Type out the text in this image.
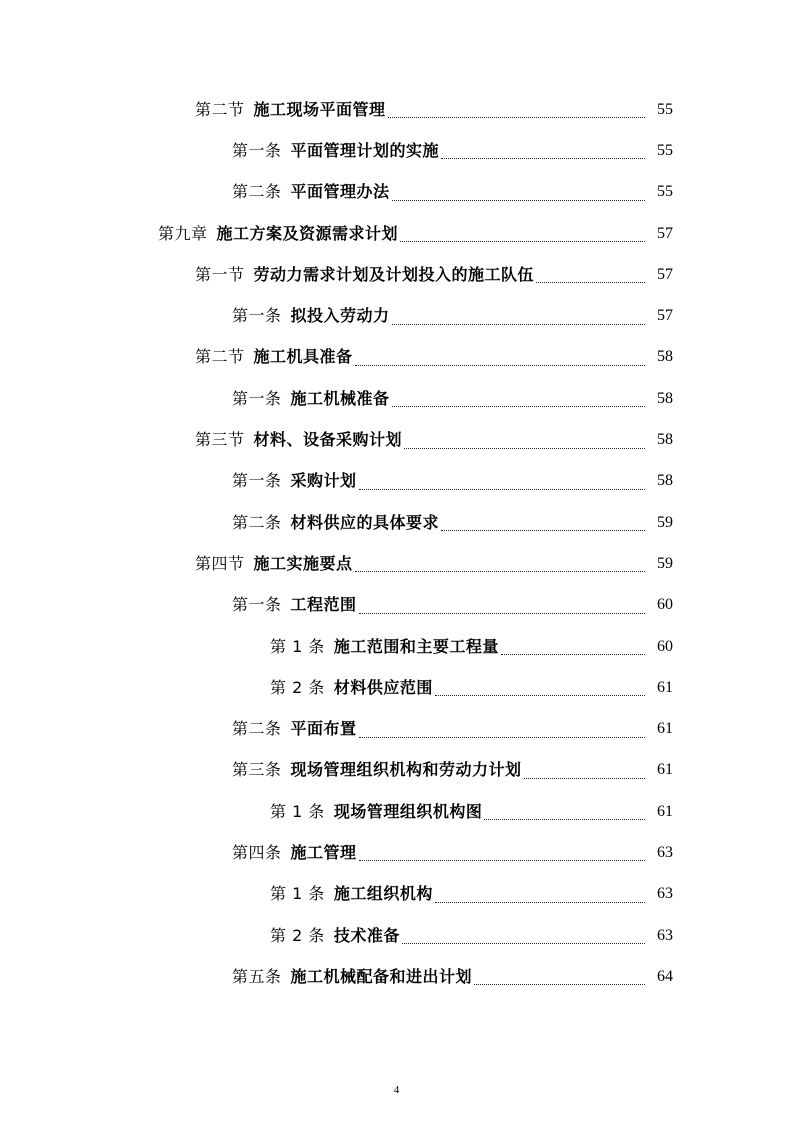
第二节 施工现场平面管理	55
第一条 平面管理计划的实施	55
第二条 平面管理办法	55
第九章 施工方案及资源需求计划	57
第一节 劳动力需求计划及计划投入的施工队伍	57
第一条 拟投入劳动力	57
第二节 施工机具准备	58
第一条 施工机械准备	58
第三节 材料、设备采购计划	58
第一条 采购计划	58
第二条 材料供应的具体要求	59
第四节 施工实施要点	59
第一条 工程范围	60
第 1 条 施工范围和主要工程量	60
第 2 条 材料供应范围	61
第二条 平面布置	61
第三条 现场管理组织机构和劳动力计划	61
第 1 条 现场管理组织机构图	61
第四条 施工管理	63
第 1 条 施工组织机构	63
第 2 条 技术准备	63
第五条 施工机械配备和进出计划	64
4
